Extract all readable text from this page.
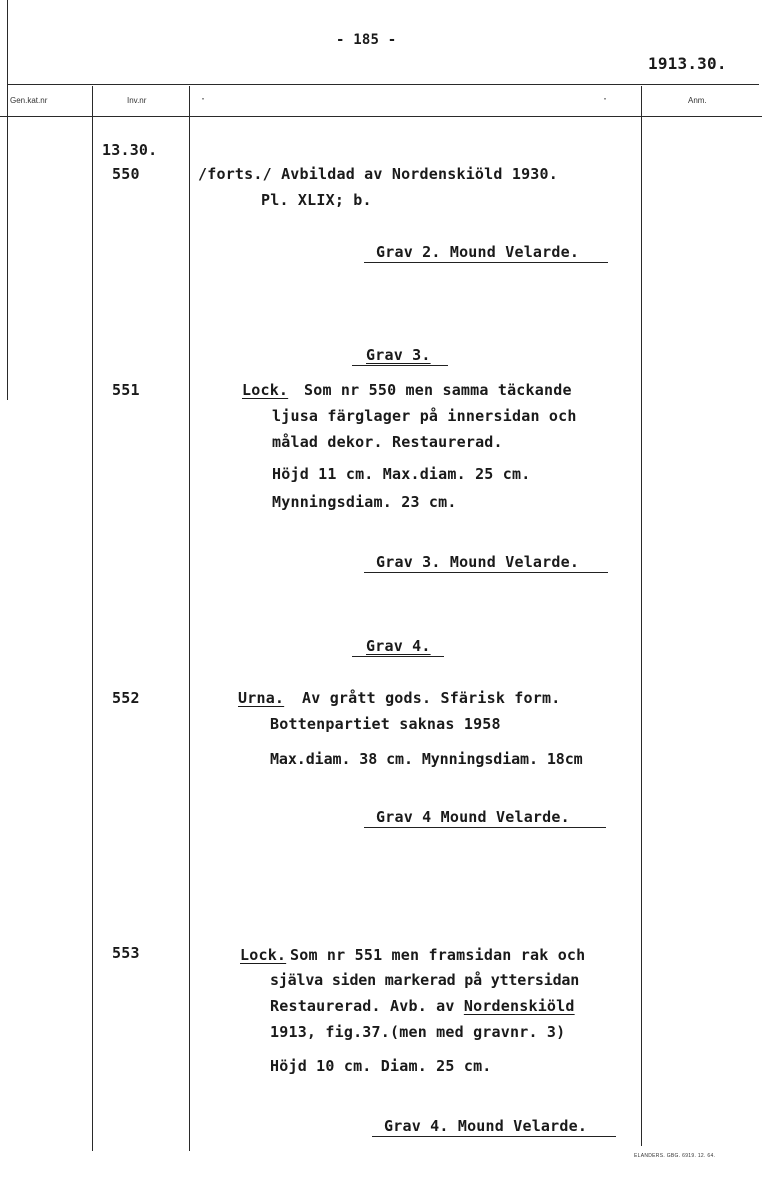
- 185 -
1913.30.
Gen.kat.nr	Inv.nr	Anm.
·	·
13.30.
550	/forts./ Avbildad av Nordenskiöld 1930.
Pl. XLIX; b.
Grav 2. Mound Velarde.
Grav 3.
551	Lock. Som nr 550 men samma täckande
ljusa färglager på innersidan och
målad dekor. Restaurerad.
Höjd 11 cm. Max.diam. 25 cm.
Mynningsdiam. 23 cm.
Grav 3. Mound Velarde.
Grav 4.
552	Urna. Av grått gods. Sfärisk form.
Bottenpartiet saknas 1958
Max.diam. 38 cm. Mynningsdiam. 18cm
Grav 4 Mound Velarde.
553	Lock. Som nr 551 men framsidan rak och
själva siden markerad på yttersidan
Restaurerad. Avb. av Nordenskiöld
1913, fig.37.(men med gravnr. 3)
Höjd 10 cm. Diam. 25 cm.
Grav 4. Mound Velarde.
ELANDERS. GBG. 6919. 12. 64.
